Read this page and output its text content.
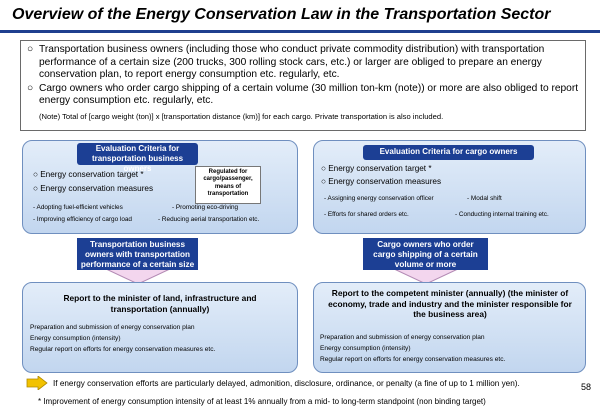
Overview of the Energy Conservation Law in the Transportation Sector
○ Transportation business owners (including those who conduct private commodity distribution) with transportation performance of a certain size (200 trucks, 300 rolling stock cars, etc.) or larger are obliged to prepare an energy conservation plan, to report energy consumption etc. regularly, etc.
○ Cargo owners who order cargo shipping of a certain volume (30 million ton-km (note)) or more are also obliged to report energy consumption etc. regularly, etc.
(Note) Total of [cargo weight (ton)] x [transportation distance (km)] for each cargo. Private transportation is also included.
Evaluation Criteria for transportation business owners
○ Energy conservation target *
○ Energy conservation measures
Regulated for cargo/passenger, means of transportation
- Adopting fuel-efficient vehicles	- Promoting eco-driving
- Improving efficiency of cargo load	- Reducing aerial transportation etc.
Evaluation Criteria for cargo owners
○ Energy conservation target *
○ Energy conservation measures
- Assigning energy conservation officer	- Modal shift
- Efforts for shared orders etc.	- Conducting internal training etc.
Transportation business owners with transportation performance of a certain size
Cargo owners who order cargo shipping of a certain volume or more
Report to the minister of land, infrastructure and transportation (annually)
Preparation and submission of energy conservation plan
Energy consumption (intensity)
Regular report on efforts for energy conservation measures etc.
Report to the competent minister (annually) (the minister of economy, trade and industry and the minister responsible for the business area)
Preparation and submission of energy conservation plan
Energy consumption (intensity)
Regular report on efforts for energy conservation measures etc.
If energy conservation efforts are particularly delayed, admonition, disclosure, ordinance, or penalty (a fine of up to 1 million yen).
* Improvement of energy consumption intensity of at least 1% annually from a mid- to long-term standpoint (non binding target)
58
